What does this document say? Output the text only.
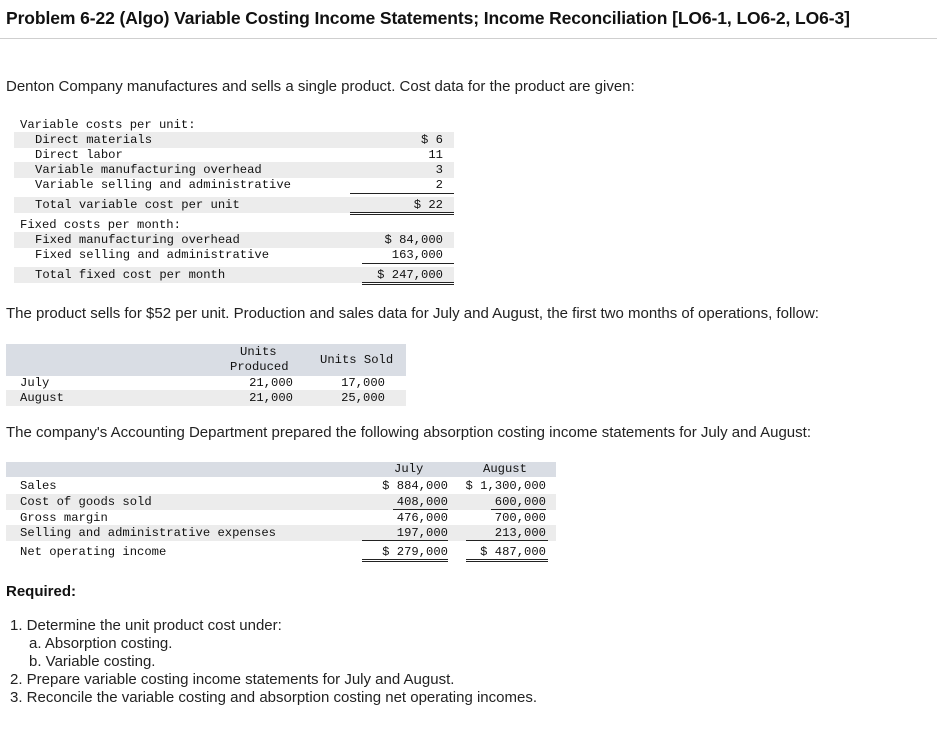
Problem 6-22 (Algo) Variable Costing Income Statements; Income Reconciliation [LO6-1, LO6-2, LO6-3]
Denton Company manufactures and sells a single product. Cost data for the product are given:
Variable costs per unit:
Direct materials	$ 6
Direct labor	11
Variable manufacturing overhead	3
Variable selling and administrative	2
Total variable cost per unit	$ 22
Fixed costs per month:
Fixed manufacturing overhead	$ 84,000
Fixed selling and administrative	163,000
Total fixed cost per month	$ 247,000
The product sells for $52 per unit. Production and sales data for July and August, the first two months of operations, follow:
Units
Produced	Units Sold
July	21,000	17,000
August	21,000	25,000
The company's Accounting Department prepared the following absorption costing income statements for July and August:
July	August
Sales	$ 884,000 $ 1,300,000
Cost of goods sold	408,000	600,000
Gross margin	476,000	700,000
Selling and administrative expenses	197,000	213,000
Net operating income	$ 279,000	$ 487,000
Required:
1. Determine the unit product cost under:
a. Absorption costing.
b. Variable costing.
2. Prepare variable costing income statements for July and August.
3. Reconcile the variable costing and absorption costing net operating incomes.
